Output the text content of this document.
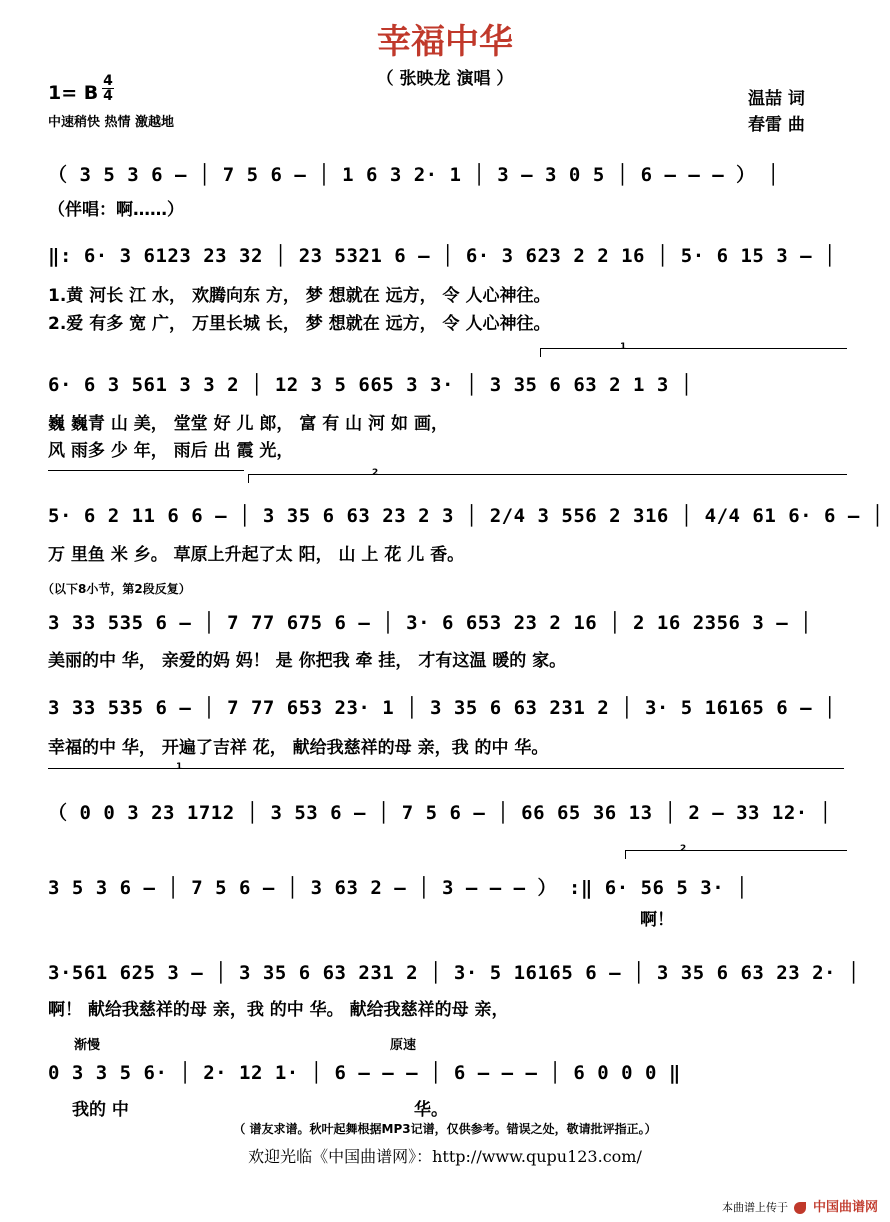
幸福中华
（ 张映龙 演唱 ）
1= B
4
4
中速稍快 热情 激越地
温喆 词
春雷 曲
（ 3 5 3 6 – │ 7 5 6 – │ 1 6 3 2· 1 │ 3 – 3 0 5 │ 6 – – – ） │
（伴唱：啊……）
‖: 6· 3 6123 23 32 │ 23 5321 6 – │ 6· 3 623 2 2 16 │ 5· 6 15 3 – │
1.黄 河长 江 水， 欢腾向东 方， 梦 想就在 远方， 令 人心神往。
2.爱 有多 宽 广， 万里长城 长， 梦 想就在 远方， 令 人心神往。
1
6· 6 3 561 3 3 2 │ 12 3 5 665 3 3· │ 3 35 6 63 2 1 3 │
巍 巍青 山 美， 堂堂 好 儿 郎， 富 有 山 河 如 画，
风 雨多 少 年， 雨后 出 霞 光，
2
5· 6 2 11 6 6 – │ 3 35 6 63 23 2 3 │ 2/4 3 556 2 316 │ 4/4 61 6· 6 – │
万 里鱼 米 乡。 草原上升起了太 阳， 山 上 花 儿 香。
（以下8小节，第2段反复）
3 33 535 6 – │ 7 77 675 6 – │ 3· 6 653 23 2 16 │ 2 16 2356 3 – │
美丽的中 华， 亲爱的妈 妈！ 是 你把我 牵 挂， 才有这温 暖的 家。
3 33 535 6 – │ 7 77 653 23· 1 │ 3 35 6 63 231 2 │ 3· 5 16165 6 – │
幸福的中 华， 开遍了吉祥 花， 献给我慈祥的母 亲，我 的中 华。
1
（ 0 0 3 23 1712 │ 3 53 6 – │ 7 5 6 – │ 66 65 36 13 │ 2 – 33 12· │
2
3 5 3 6 – │ 7 5 6 – │ 3 63 2 – │ 3 – – – ） :‖ 6· 56 5 3· │
啊！
3·561 625 3 – │ 3 35 6 63 231 2 │ 3· 5 16165 6 – │ 3 35 6 63 23 2· │
啊！ 献给我慈祥的母 亲，我 的中 华。 献给我慈祥的母 亲，
渐慢	原速
0 3 3 5 6· │ 2· 12 1· │ 6 – – – │ 6 – – – │ 6 0 0 0 ‖
我的 中	华。
（ 谱友求谱。秋叶起舞根据MP3记谱，仅供参考。错误之处，敬请批评指正。）
欢迎光临《中国曲谱网》：http://www.qupu123.com/
本曲谱上传于 中国曲谱网
